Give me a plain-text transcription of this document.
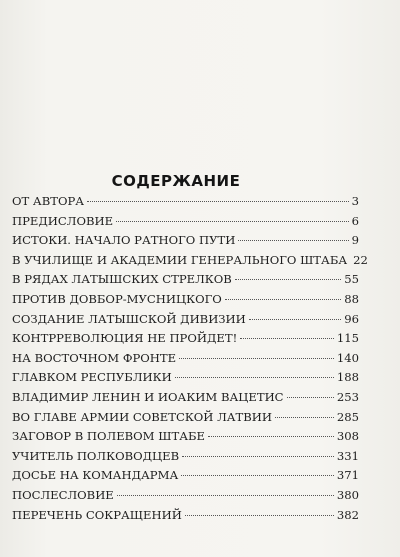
СОДЕРЖАНИЕ
ОТ АВТОРА	3
ПРЕДИСЛОВИЕ	6
ИСТОКИ. НАЧАЛО РАТНОГО ПУТИ	9
В УЧИЛИЩЕ И АКАДЕМИИ ГЕНЕРАЛЬНОГО ШТАБА 22
В РЯДАХ ЛАТЫШСКИХ СТРЕЛКОВ	55
ПРОТИВ ДОВБОР-МУСНИЦКОГО	88
СОЗДАНИЕ ЛАТЫШСКОЙ ДИВИЗИИ	96
КОНТРРЕВОЛЮЦИЯ НЕ ПРОЙДЕТ!	115
НА ВОСТОЧНОМ ФРОНТЕ	140
ГЛАВКОМ РЕСПУБЛИКИ	188
ВЛАДИМИР ЛЕНИН И ИОАКИМ ВАЦЕТИС	253
ВО ГЛАВЕ АРМИИ СОВЕТСКОЙ ЛАТВИИ	285
ЗАГОВОР В ПОЛЕВОМ ШТАБЕ	308
УЧИТЕЛЬ ПОЛКОВОДЦЕВ	331
ДОСЬЕ НА КОМАНДАРМА	371
ПОСЛЕСЛОВИЕ	380
ПЕРЕЧЕНЬ СОКРАЩЕНИЙ	382
